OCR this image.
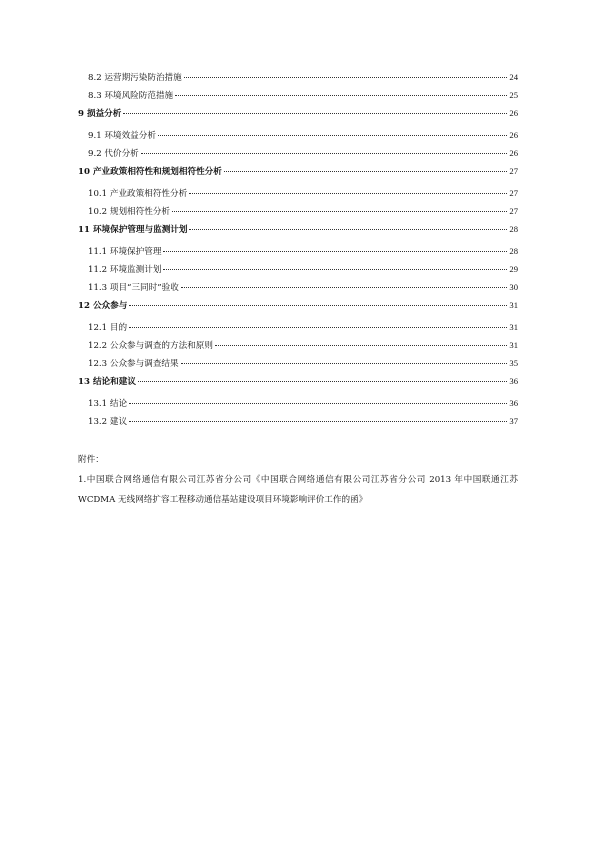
8.2 运营期污染防治措施	24
8.3 环境风险防范措施	25
9 损益分析	26
9.1 环境效益分析	26
9.2 代价分析	26
10 产业政策相符性和规划相符性分析	27
10.1 产业政策相符性分析	27
10.2 规划相符性分析	27
11 环境保护管理与监测计划	28
11.1 环境保护管理	28
11.2 环境监测计划	29
11.3 项目“三同时”验收	30
12 公众参与	31
12.1 目的	31
12.2 公众参与调查的方法和原则	31
12.3 公众参与调查结果	35
13 结论和建议	36
13.1 结论	36
13.2 建议	37
附件：
1.中国联合网络通信有限公司江苏省分公司《中国联合网络通信有限公司江苏省分公司 2013 年中国联通江苏 WCDMA 无线网络扩容工程移动通信基站建设项目环境影响评价工作的函》
